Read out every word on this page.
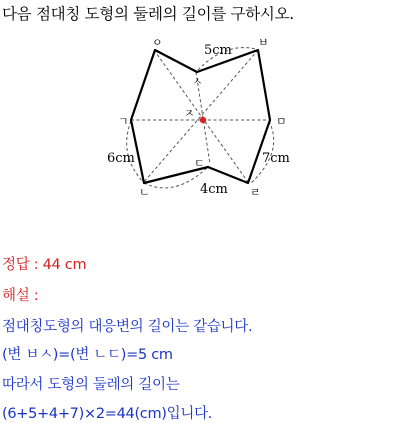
다음 점대칭 도형의 둘레의 길이를 구하시오.
ㅇ	ㅂ
ㅅ
ㄱ
ㅈ
ㅁ
ㄷ
ㄴ	ㄹ
5cm
6cm	7cm
4cm
정답 : 44 cm
해설 :
점대칭도형의 대응변의 길이는 같습니다.
(변 ㅂㅅ)=(변 ㄴㄷ)=5 cm
따라서 도형의 둘레의 길이는
(6+5+4+7)×2=44(cm)입니다.
